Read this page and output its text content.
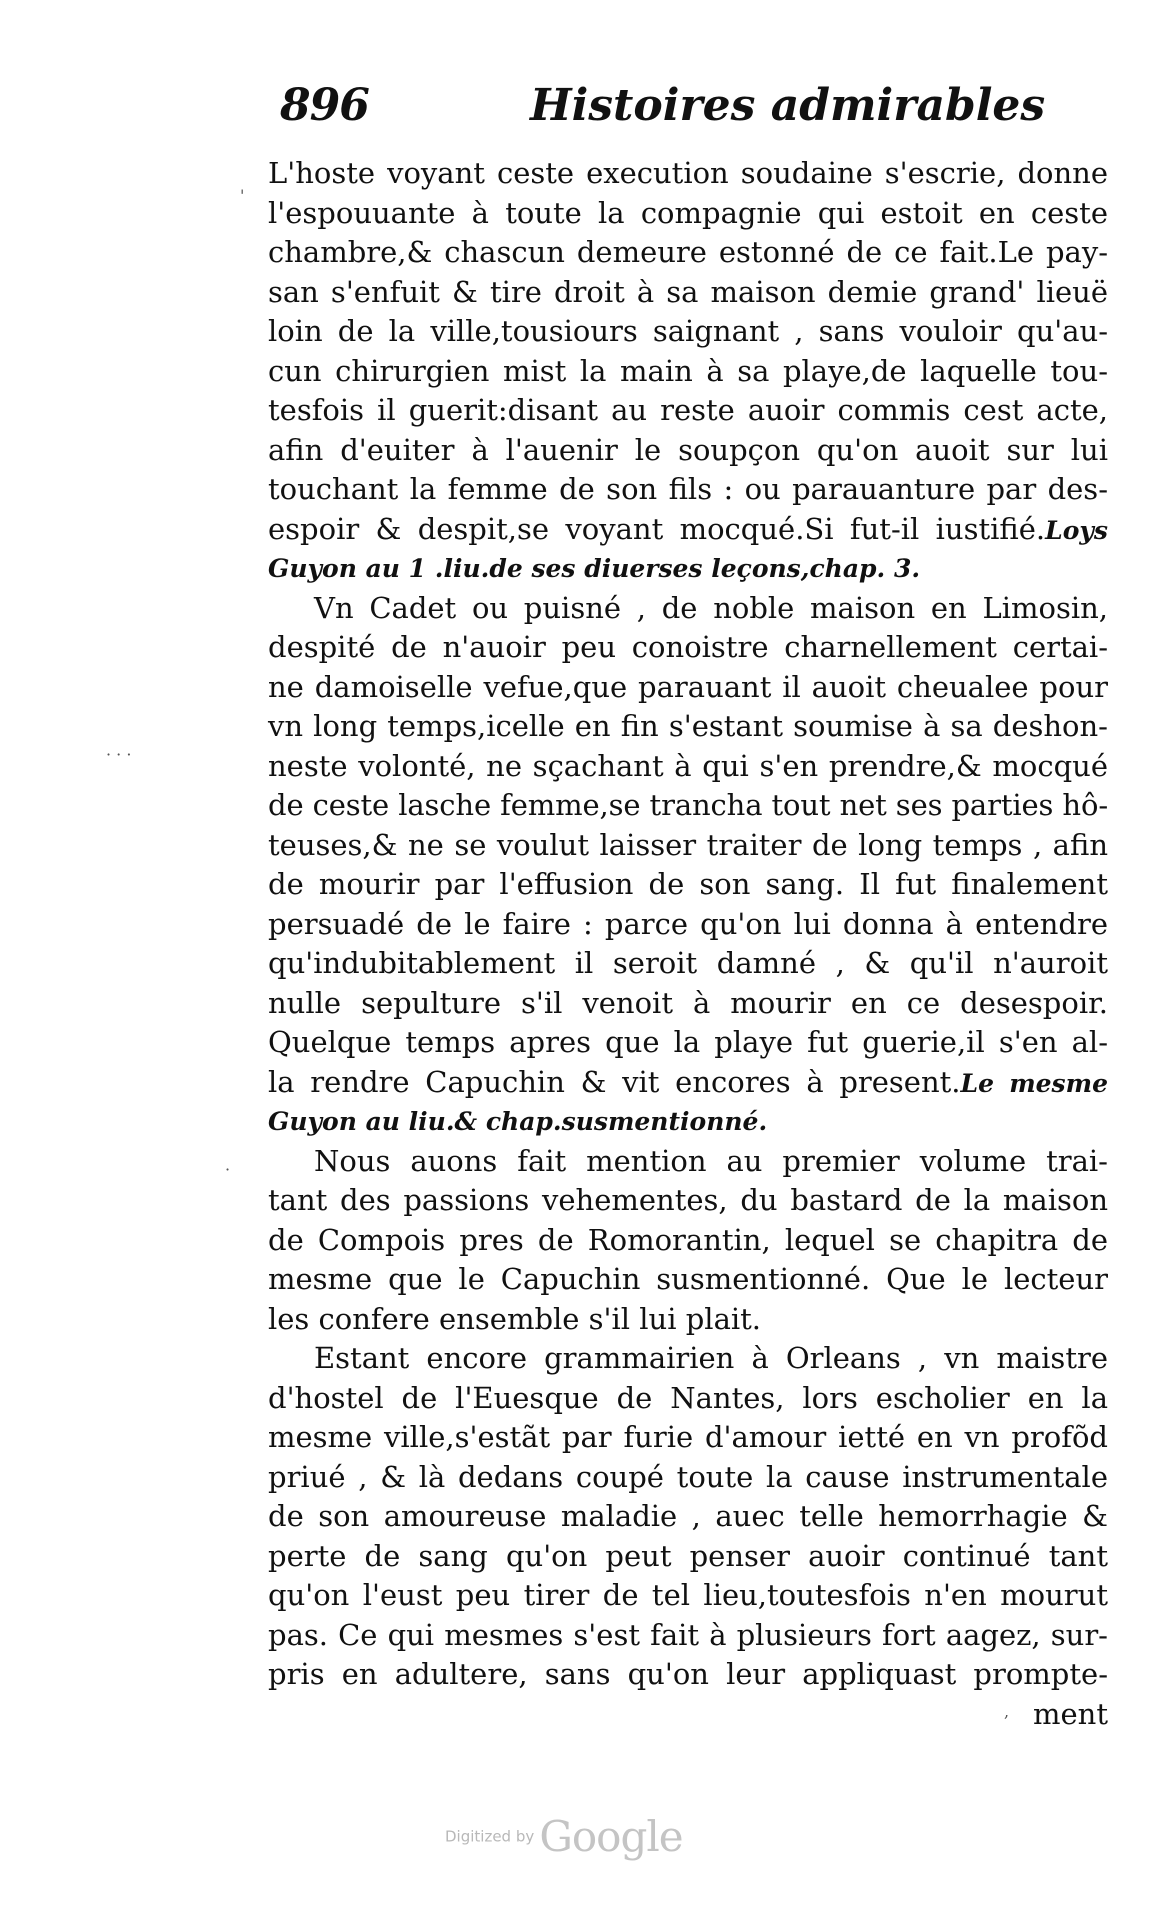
896	Histoires admirables
L'hoste voyant ceste execution soudaine s'escrie, donne
l'espouuante à toute la compagnie qui estoit en ceste
chambre,& chascun demeure estonné de ce fait.Le pay-
san s'enfuit & tire droit à sa maison demie grand' lieuë
loin de la ville,tousiours saignant , sans vouloir qu'au-
cun chirurgien mist la main à sa playe,de laquelle tou-
tesfois il guerit:disant au reste auoir commis cest acte,
afin d'euiter à l'auenir le soupçon qu'on auoit sur lui
touchant la femme de son fils : ou parauanture par des-
espoir & despit,se voyant mocqué.Si fut-il iustifié.Loys
Guyon au 1 .liu.de ses diuerses leçons,chap. 3.
Vn Cadet ou puisné , de noble maison en Limosin,
despité de n'auoir peu conoistre charnellement certai-
ne damoiselle vefue,que parauant il auoit cheualee pour
vn long temps,icelle en fin s'estant soumise à sa deshon-
neste volonté, ne sçachant à qui s'en prendre,& mocqué
de ceste lasche femme,se trancha tout net ses parties hô-
teuses,& ne se voulut laisser traiter de long temps , afin
de mourir par l'effusion de son sang. Il fut finalement
persuadé de le faire : parce qu'on lui donna à entendre
qu'indubitablement il seroit damné , & qu'il n'auroit
nulle sepulture s'il venoit à mourir en ce desespoir.
Quelque temps apres que la playe fut guerie,il s'en al-
la rendre Capuchin & vit encores à present.Le mesme
Guyon au liu.& chap.susmentionné.
Nous auons fait mention au premier volume trai-
tant des passions vehementes, du bastard de la maison
de Compois pres de Romorantin, lequel se chapitra de
mesme que le Capuchin susmentionné. Que le lecteur
les confere ensemble s'il lui plait.
Estant encore grammairien à Orleans , vn maistre
d'hostel de l'Euesque de Nantes, lors escholier en la
mesme ville,s'estãt par furie d'amour ietté en vn profõd
priué , & là dedans coupé toute la cause instrumentale
de son amoureuse maladie , auec telle hemorrhagie &
perte de sang qu'on peut penser auoir continué tant
qu'on l'eust peu tirer de tel lieu,toutesfois n'en mourut
pas. Ce qui mesmes s'est fait à plusieurs fort aagez, sur-
pris en adultere, sans qu'on leur appliquast prompte-
ment
'
· · ·
·
,
Digitized by Google
